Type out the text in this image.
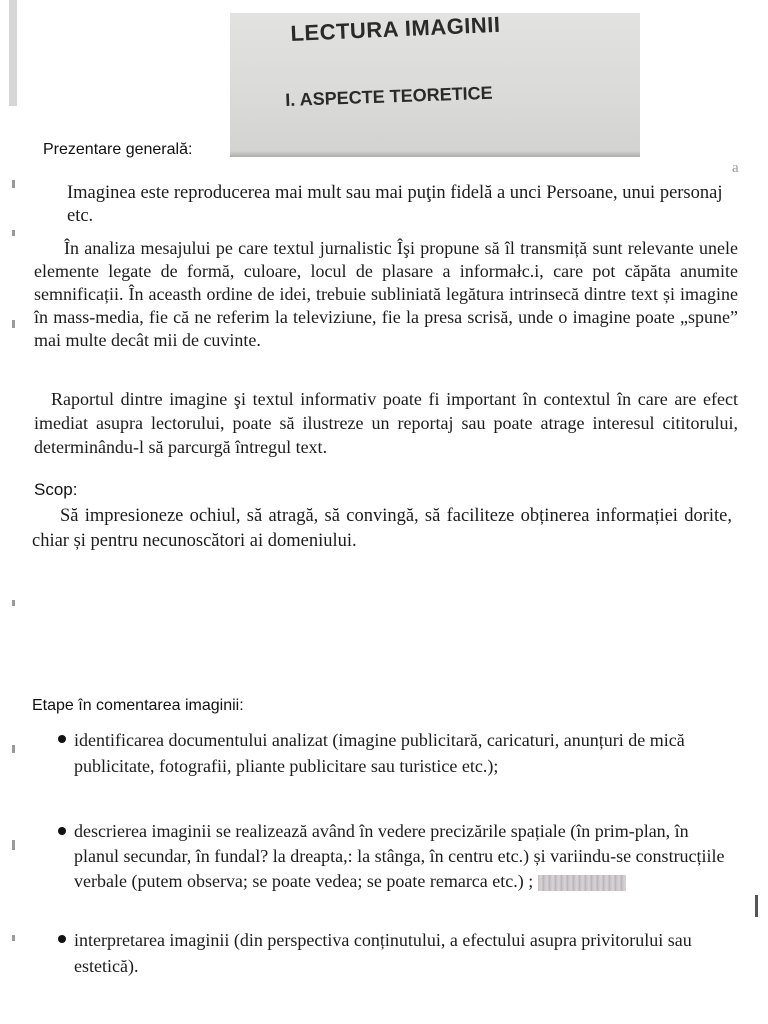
LECTURA IMAGINII
I. ASPECTE TEORETICE
a
Prezentare generală:
Imaginea este reproducerea mai mult sau mai puţin fidelă a unci Persoane, unui personaj etc.
În analiza mesajului pe care textul jurnalistic Îşi propune să îl transmiță sunt relevante unele elemente legate de formă, culoare, locul de plasare a informałc.i, care pot căpăta anumite semnificații. În aceasth ordine de idei, trebuie subliniată legătura intrinsecă dintre text și imagine în mass-media, fie că ne referim la televiziune, fie la presa scrisă, unde o imagine poate „spune” mai multe decât mii de cuvinte.
Raportul dintre imagine şi textul informativ poate fi important în contextul în care are efect imediat asupra lectorului, poate să ilustreze un reportaj sau poate atrage interesul cititorului, determinându-l să parcurgă întregul text.
Scop:
Să impresioneze ochiul, să atragă, să convingă, să faciliteze obținerea informației dorite, chiar și pentru necunoscători ai domeniului.
Etape în comentarea imaginii:
identificarea documentului analizat (imagine publicitară, caricaturi, anunțuri de mică publicitate, fotografii, pliante publicitare sau turistice etc.);
descrierea imaginii se realizează având în vedere precizările spațiale (în prim-plan, în planul secundar, în fundal? la dreapta,: la stânga, în centru etc.) și variindu-se construcțiile verbale (putem observa; se poate vedea; se poate remarca etc.) ;
interpretarea imaginii (din perspectiva conținutului, a efectului asupra privitorului sau estetică).
